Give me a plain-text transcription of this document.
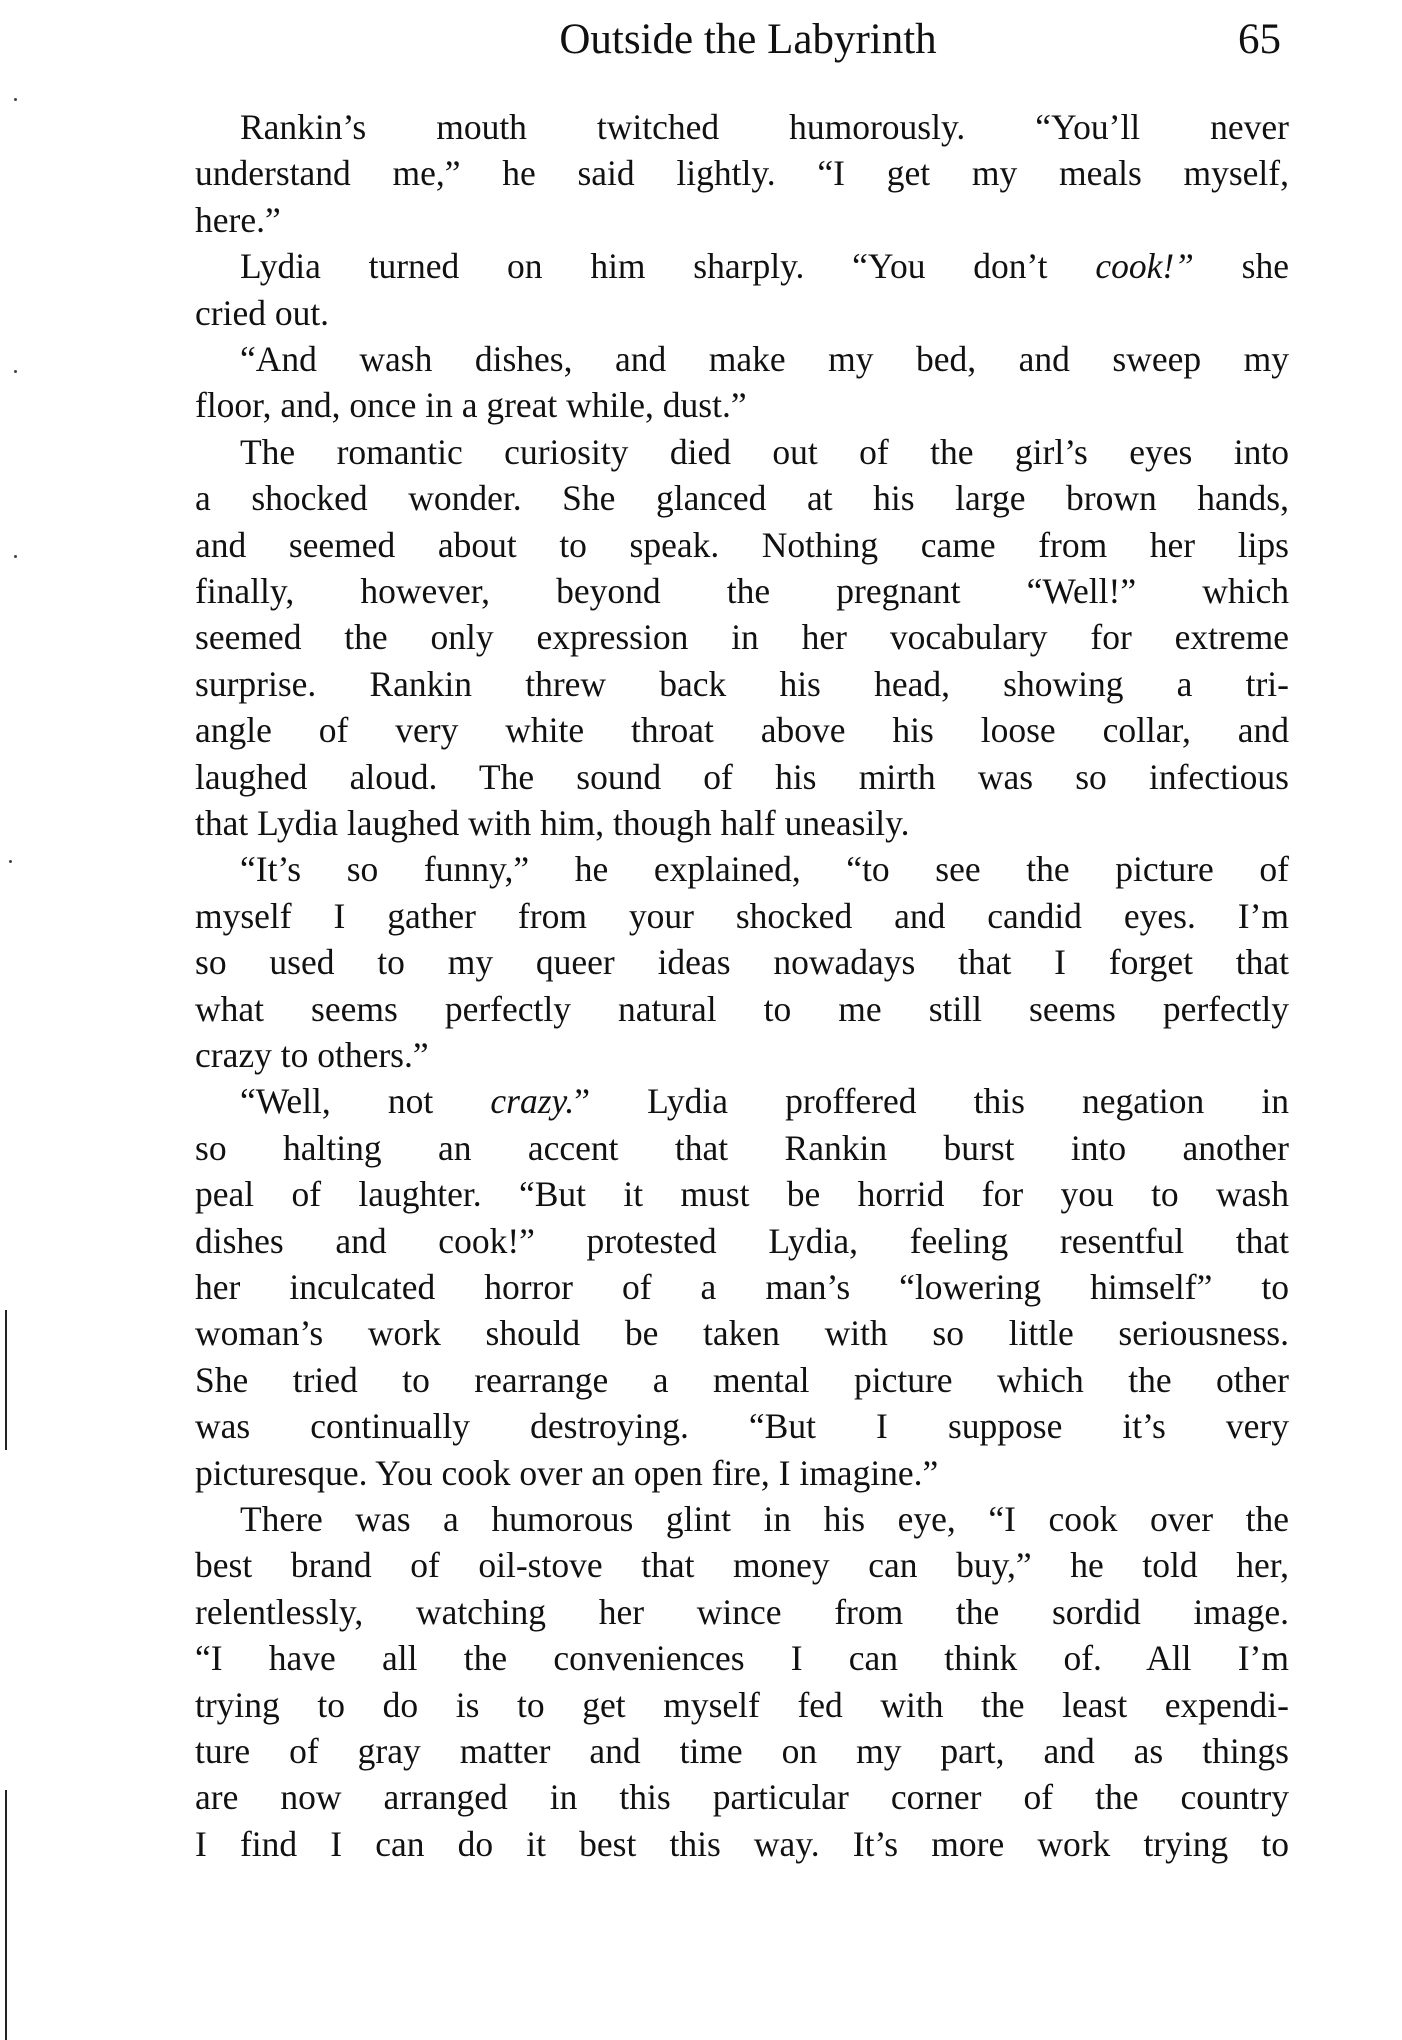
Outside the Labyrinth	65
Rankin’s mouth twitched humorously. “You’ll never
understand me,” he said lightly. “I get my meals myself,
here.”
Lydia turned on him sharply. “You don’t cook!” she
cried out.
“And wash dishes, and make my bed, and sweep my
floor, and, once in a great while, dust.”
The romantic curiosity died out of the girl’s eyes into
a shocked wonder. She glanced at his large brown hands,
and seemed about to speak. Nothing came from her lips
finally, however, beyond the pregnant “Well!” which
seemed the only expression in her vocabulary for extreme
surprise. Rankin threw back his head, showing a tri-
angle of very white throat above his loose collar, and
laughed aloud. The sound of his mirth was so infectious
that Lydia laughed with him, though half uneasily.
“It’s so funny,” he explained, “to see the picture of
myself I gather from your shocked and candid eyes. I’m
so used to my queer ideas nowadays that I forget that
what seems perfectly natural to me still seems perfectly
crazy to others.”
“Well, not crazy.” Lydia proffered this negation in
so halting an accent that Rankin burst into another
peal of laughter. “But it must be horrid for you to wash
dishes and cook!” protested Lydia, feeling resentful that
her inculcated horror of a man’s “lowering himself” to
woman’s work should be taken with so little seriousness.
She tried to rearrange a mental picture which the other
was continually destroying. “But I suppose it’s very
picturesque. You cook over an open fire, I imagine.”
There was a humorous glint in his eye, “I cook over the
best brand of oil-stove that money can buy,” he told her,
relentlessly, watching her wince from the sordid image.
“I have all the conveniences I can think of. All I’m
trying to do is to get myself fed with the least expendi-
ture of gray matter and time on my part, and as things
are now arranged in this particular corner of the country
I find I can do it best this way. It’s more work trying to
